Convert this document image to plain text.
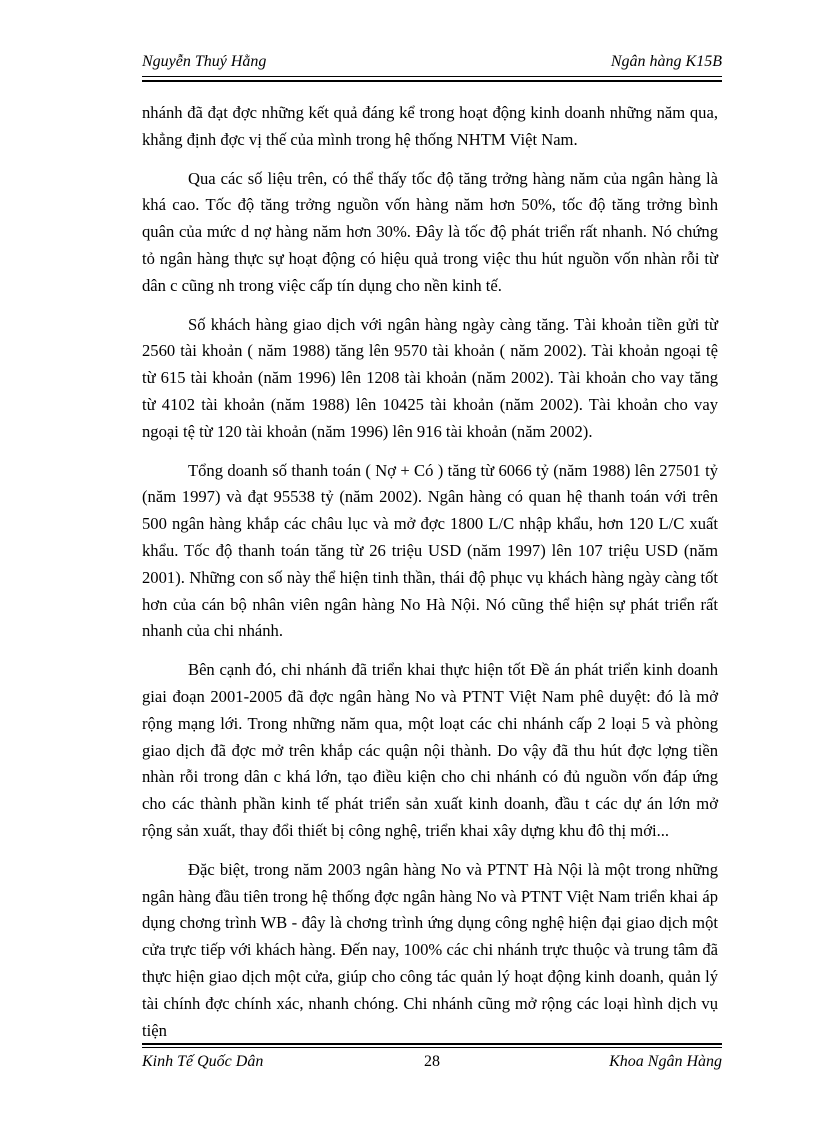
Nguyễn Thuý Hằng	Ngân hàng K15B

nhánh đã đạt đợc những kết quả đáng kể trong hoạt động kinh doanh những năm qua, khẳng định đợc vị thế của mình trong hệ thống NHTM Việt Nam.

Qua các số liệu trên, có thể thấy tốc độ tăng trởng hàng năm của ngân hàng là khá cao. Tốc độ tăng trởng nguồn vốn hàng năm hơn 50%, tốc độ tăng trởng bình quân của mức d nợ hàng năm hơn 30%. Đây là tốc độ phát triển rất nhanh. Nó chứng tỏ ngân hàng thực sự hoạt động có hiệu quả trong việc thu hút nguồn vốn nhàn rỗi từ dân c cũng nh trong việc cấp tín dụng cho nền kinh tế.

Số khách hàng giao dịch với ngân hàng ngày càng tăng. Tài khoản tiền gửi từ 2560 tài khoản ( năm 1988) tăng lên 9570 tài khoản ( năm 2002). Tài khoản ngoại tệ từ 615 tài khoản (năm 1996) lên 1208 tài khoản (năm 2002). Tài khoản cho vay tăng từ 4102 tài khoản (năm 1988) lên 10425 tài khoản (năm 2002). Tài khoản cho vay ngoại tệ từ 120 tài khoản (năm 1996) lên 916 tài khoản (năm 2002).

Tổng doanh số thanh toán ( Nợ + Có ) tăng từ 6066 tỷ (năm 1988) lên 27501 tỷ (năm 1997) và đạt 95538 tỷ (năm 2002). Ngân hàng có quan hệ thanh toán với trên 500 ngân hàng khắp các châu lục và mở đợc 1800 L/C nhập khẩu, hơn 120 L/C xuất khẩu. Tốc độ thanh toán tăng từ 26 triệu USD (năm 1997) lên 107 triệu USD (năm 2001). Những con số này thể hiện tinh thần, thái độ phục vụ khách hàng ngày càng tốt hơn của cán bộ nhân viên ngân hàng No Hà Nội. Nó cũng thể hiện sự phát triển rất nhanh của chi nhánh.

Bên cạnh đó, chi nhánh đã triển khai thực hiện tốt Đề án phát triển kinh doanh giai đoạn 2001-2005 đã đợc ngân hàng No và PTNT Việt Nam phê duyệt: đó là mở rộng mạng lới. Trong những năm qua, một loạt các chi nhánh cấp 2 loại 5 và phòng giao dịch đã đợc mở trên khắp các quận nội thành. Do vậy đã thu hút đợc lợng tiền nhàn rỗi trong dân c khá lớn, tạo điều kiện cho chi nhánh có đủ nguồn vốn đáp ứng cho các thành phần kinh tế phát triển sản xuất kinh doanh, đầu t các dự án lớn mở rộng sản xuất, thay đổi thiết bị công nghệ, triển khai xây dựng khu đô thị mới...

Đặc biệt, trong năm 2003 ngân hàng No và PTNT Hà Nội là một trong những ngân hàng đầu tiên trong hệ thống đợc ngân hàng No và PTNT Việt Nam triển khai áp dụng chơng trình WB - đây là chơng trình ứng dụng công nghệ hiện đại giao dịch một cửa trực tiếp với khách hàng. Đến nay, 100% các chi nhánh trực thuộc và trung tâm đã thực hiện giao dịch một cửa, giúp cho công tác quản lý hoạt động kinh doanh, quản lý tài chính đợc chính xác, nhanh chóng. Chi nhánh cũng mở rộng các loại hình dịch vụ tiện

Kinh Tế Quốc Dân	28	Khoa Ngân Hàng
